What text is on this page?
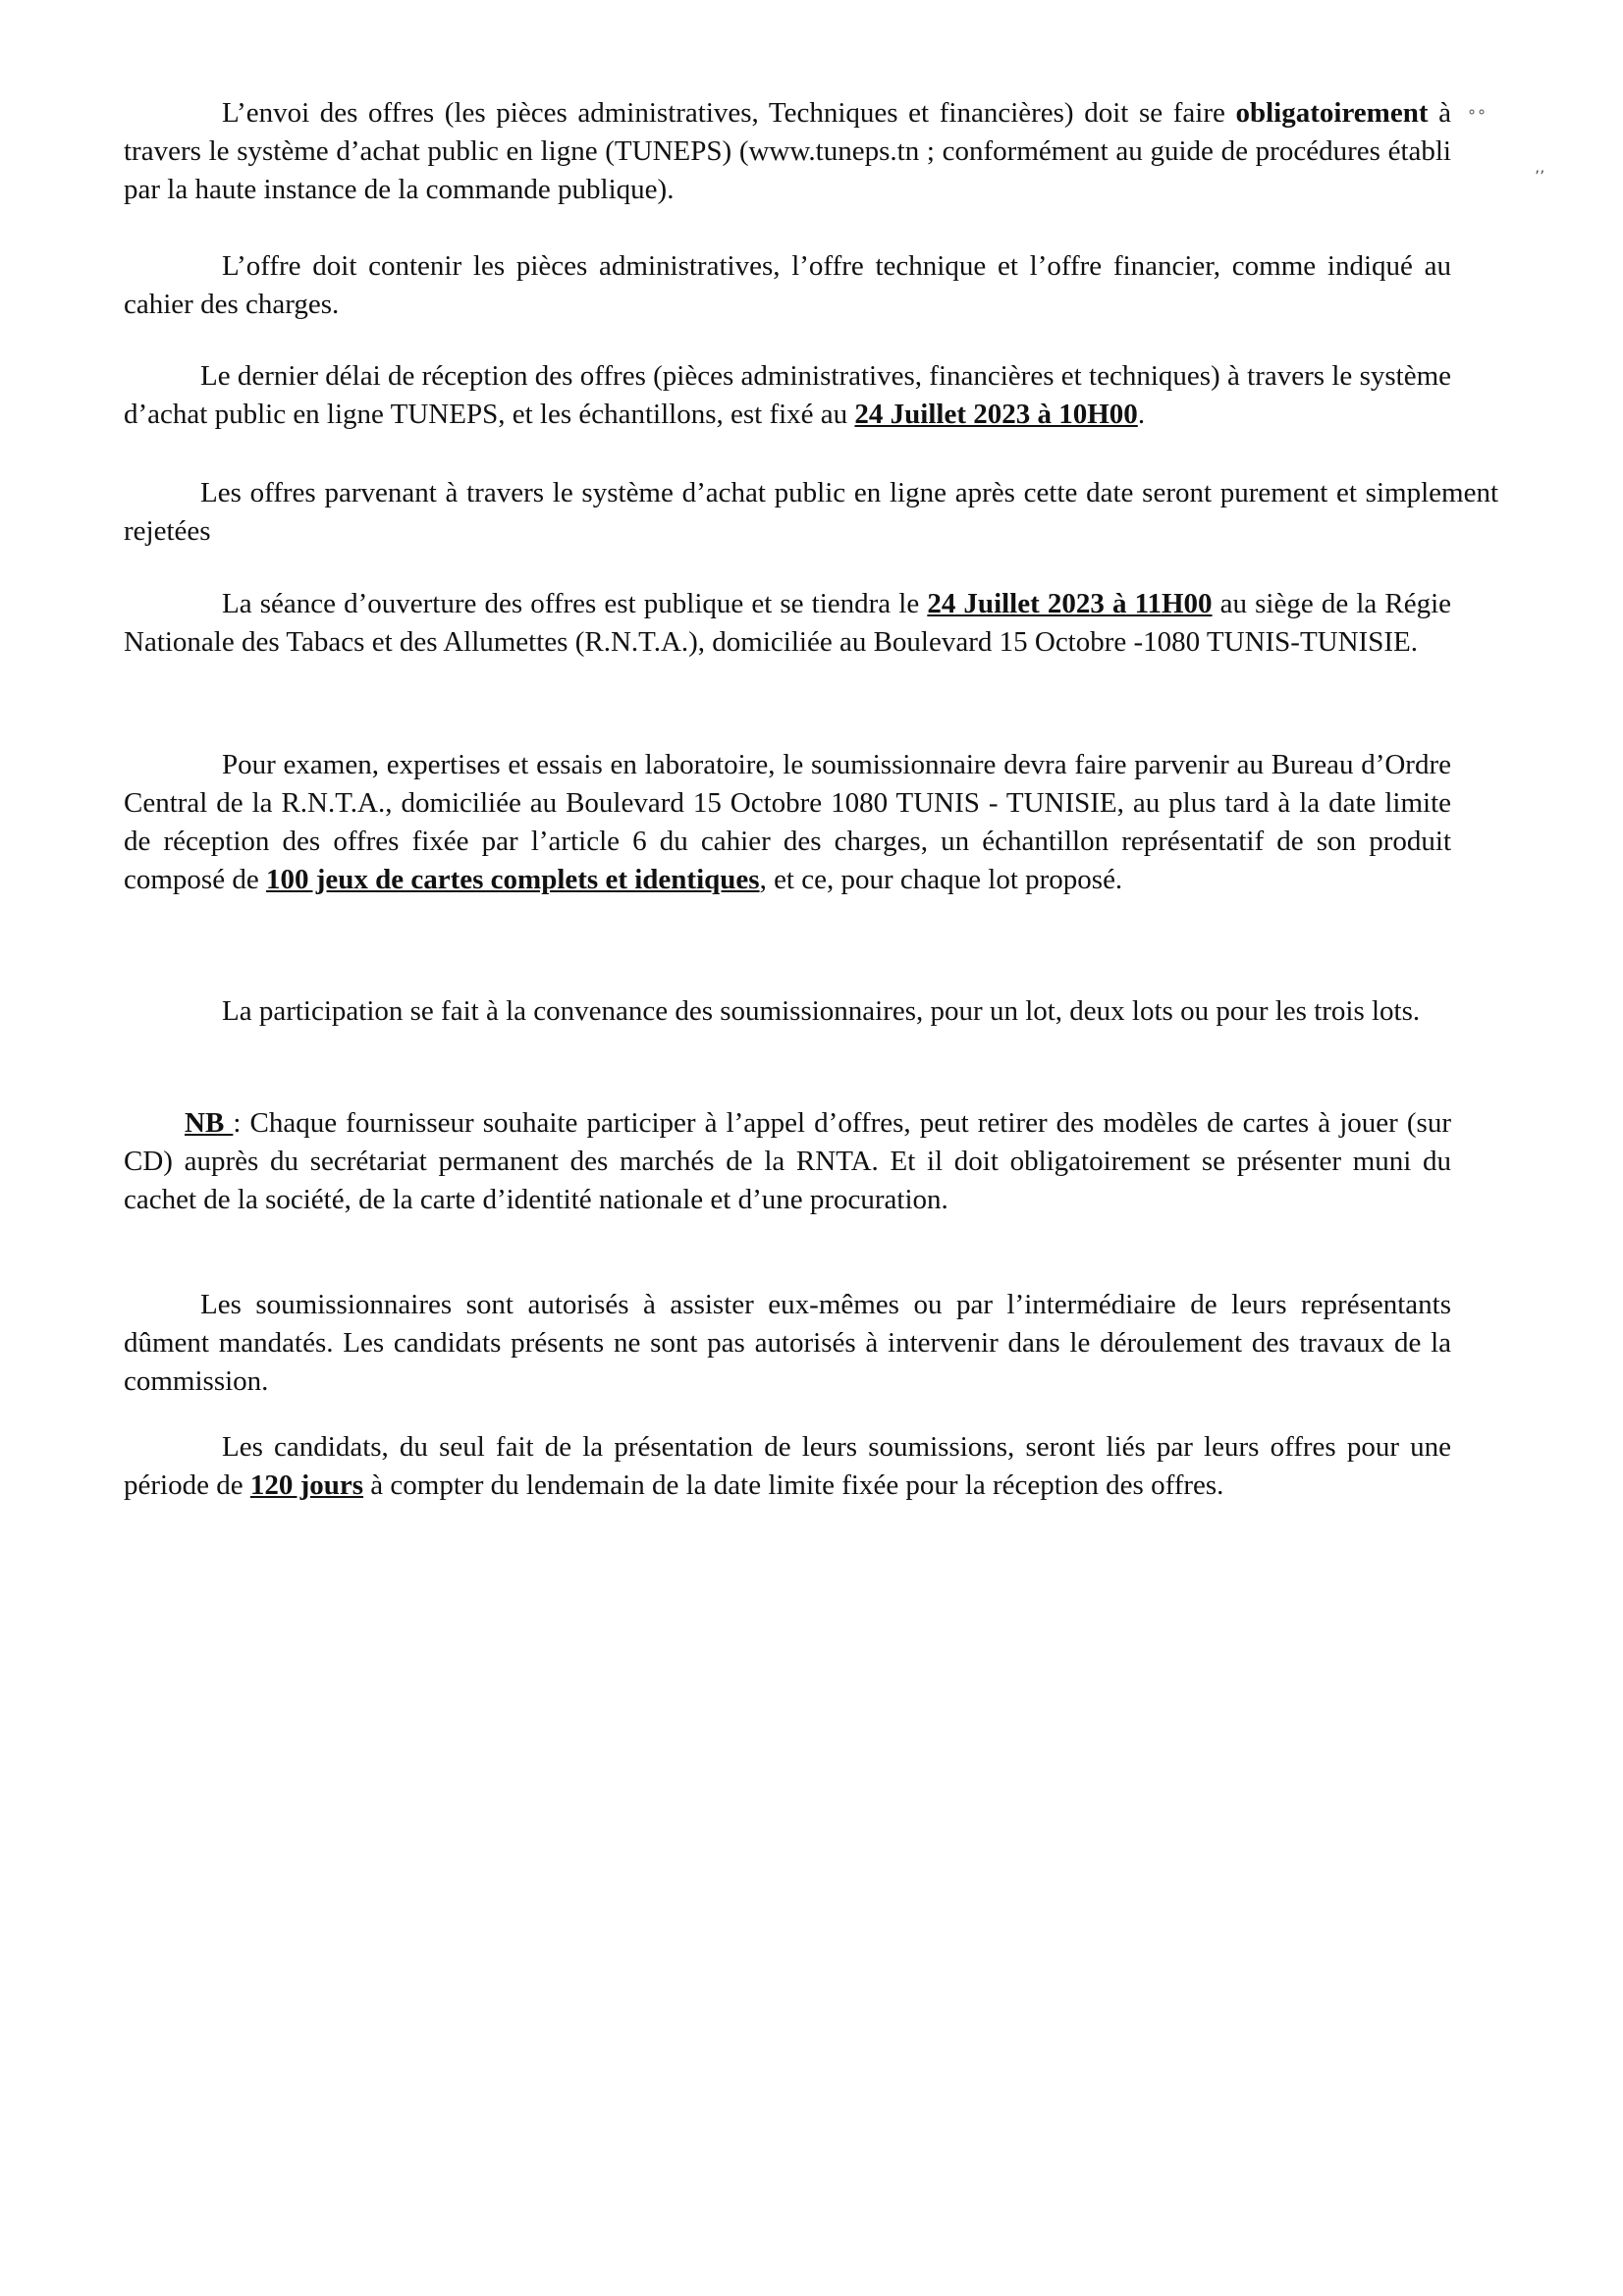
∘∘
’’

L’envoi des offres (les pièces administratives, Techniques et financières) doit se faire obligatoirement à travers le système d’achat public en ligne (TUNEPS) (www.tuneps.tn ; conformément au guide de procédures établi par la haute instance de la commande publique).

L’offre doit contenir les pièces administratives, l’offre technique et l’offre financier, comme indiqué au cahier des charges.

Le dernier délai de réception des offres (pièces administratives, financières et techniques) à travers le système d’achat public en ligne TUNEPS, et les échantillons, est fixé au 24 Juillet 2023 à 10H00.

Les offres parvenant à travers le système d’achat public en ligne après cette date seront purement et simplement rejetées

La séance d’ouverture des offres est publique et se tiendra le 24 Juillet 2023 à 11H00 au siège de la Régie Nationale des Tabacs et des Allumettes (R.N.T.A.), domiciliée au Boulevard 15 Octobre -1080 TUNIS-TUNISIE.

Pour examen, expertises et essais en laboratoire, le soumissionnaire devra faire parvenir au Bureau d’Ordre Central de la R.N.T.A., domiciliée au Boulevard 15 Octobre 1080 TUNIS - TUNISIE, au plus tard à la date limite de réception des offres fixée par l’article 6 du cahier des charges, un échantillon représentatif de son produit composé de 100 jeux de cartes complets et identiques, et ce, pour chaque lot proposé.

La participation se fait à la convenance des soumissionnaires, pour un lot, deux lots ou pour les trois lots.

NB : Chaque fournisseur souhaite participer à l’appel d’offres, peut retirer des modèles de cartes à jouer (sur CD) auprès du secrétariat permanent des marchés de la RNTA. Et il doit obligatoirement se présenter muni du cachet de la société, de la carte d’identité nationale et d’une procuration.

Les soumissionnaires sont autorisés à assister eux-mêmes ou par l’intermédiaire de leurs représentants dûment mandatés. Les candidats présents ne sont pas autorisés à intervenir dans le déroulement des travaux de la commission.

Les candidats, du seul fait de la présentation de leurs soumissions, seront liés par leurs offres pour une période de 120 jours à compter du lendemain de la date limite fixée pour la réception des offres.
